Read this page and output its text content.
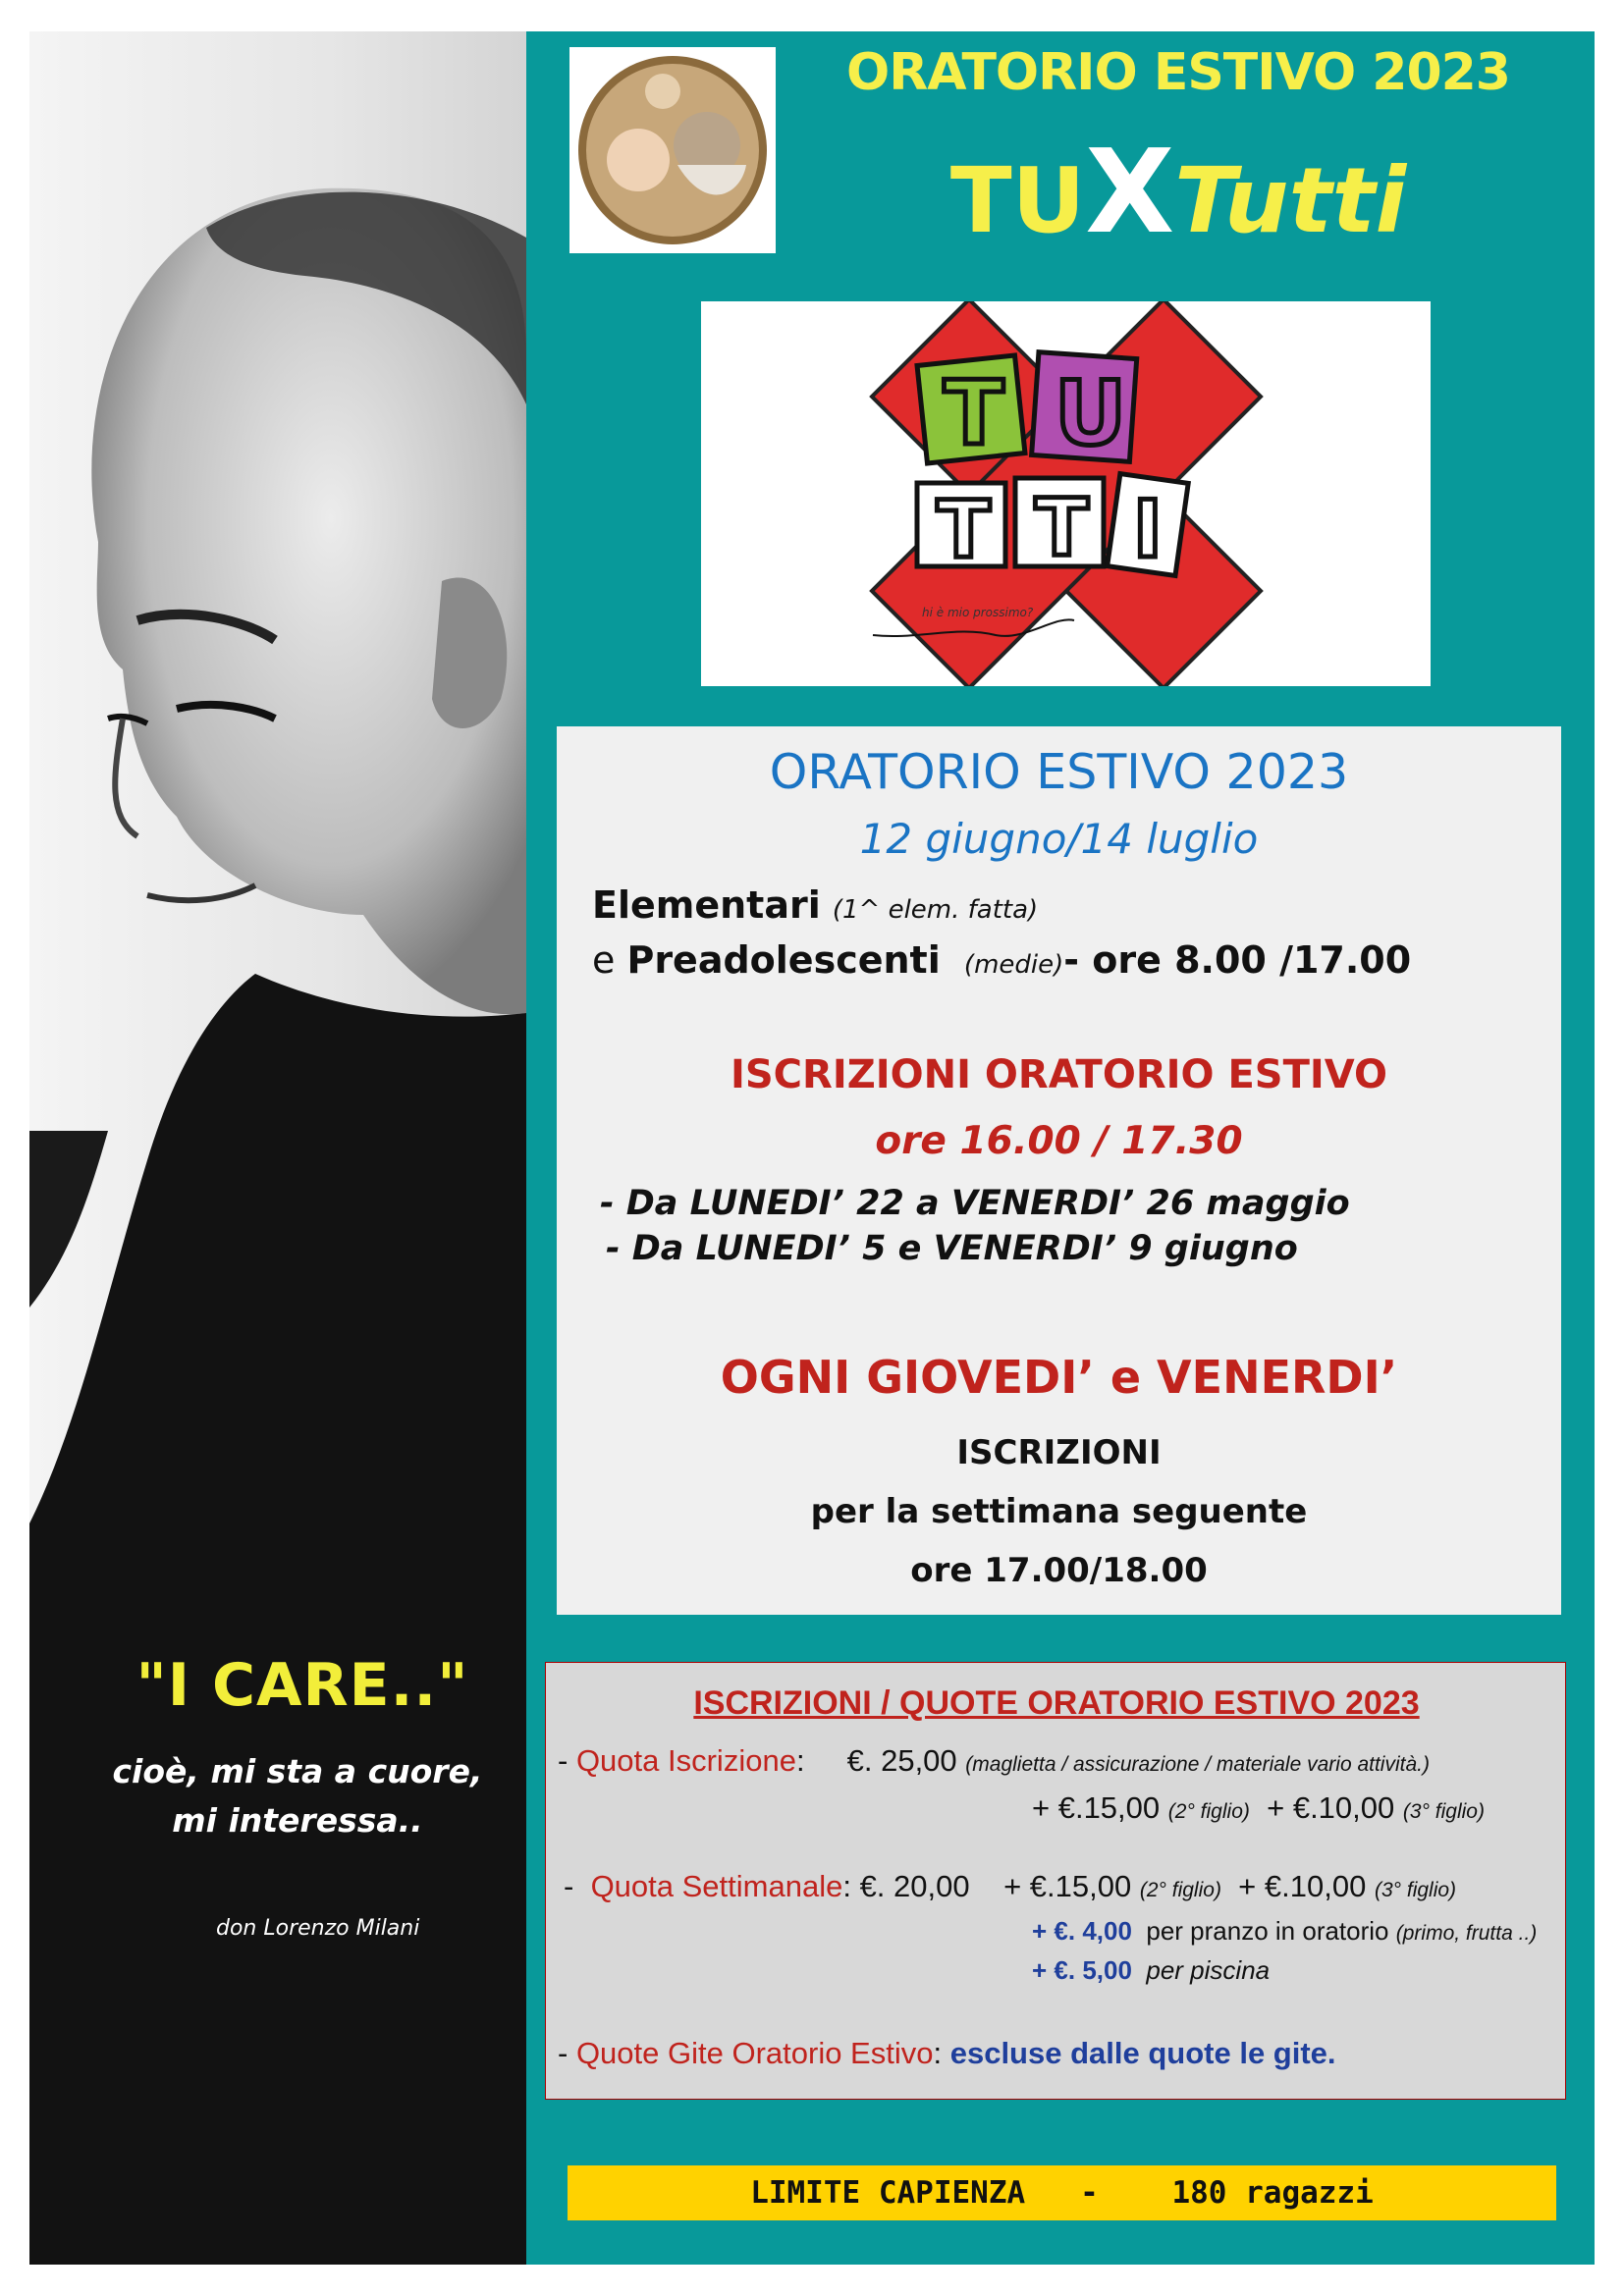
"I CARE.."
cioè, mi sta a cuore,
mi interessa..
don Lorenzo Milani
ORATORIO ESTIVO 2023
TUXTutti
T U
T T I
hi è mio prossimo?
ORATORIO ESTIVO 2023
12 giugno/14 luglio
Elementari (1^ elem. fatta)
e Preadolescenti (medie)- ore 8.00 /17.00
ISCRIZIONI ORATORIO ESTIVO
ore 16.00 / 17.30
- Da LUNEDI’ 22 a VENERDI’ 26 maggio
- Da LUNEDI’ 5 e VENERDI’ 9 giugno
OGNI GIOVEDI’ e VENERDI’
ISCRIZIONI
per la settimana seguente
ore 17.00/18.00
ISCRIZIONI / QUOTE ORATORIO ESTIVO 2023
- Quota Iscrizione:     €. 25,00 (maglietta / assicurazione / materiale vario attività.)
+ €.15,00 (2° figlio) + €.10,00 (3° figlio)
-  Quota Settimanale: €. 20,00 + €.15,00 (2° figlio) + €.10,00 (3° figlio)
+ €. 4,00 per pranzo in oratorio (primo, frutta ..)
+ €. 5,00 per piscina
- Quote Gite Oratorio Estivo: escluse dalle quote le gite.
LIMITE CAPIENZA - 180 ragazzi
